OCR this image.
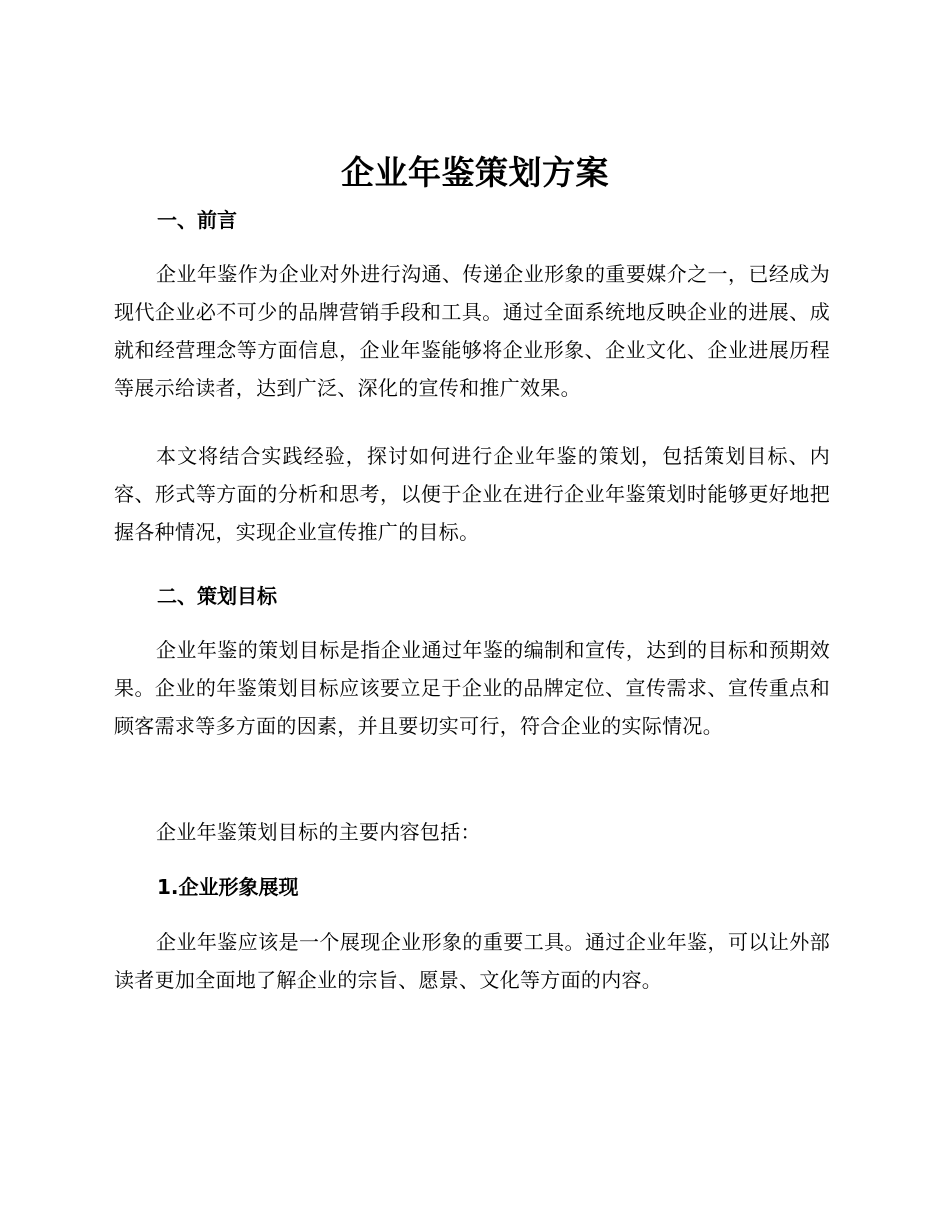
企业年鉴策划方案
一、前言

企业年鉴作为企业对外进行沟通、传递企业形象的重要媒介之一，已经成为现代企业必不可少的品牌营销手段和工具。通过全面系统地反映企业的进展、成就和经营理念等方面信息，企业年鉴能够将企业形象、企业文化、企业进展历程等展示给读者，达到广泛、深化的宣传和推广效果。

本文将结合实践经验，探讨如何进行企业年鉴的策划，包括策划目标、内容、形式等方面的分析和思考，以便于企业在进行企业年鉴策划时能够更好地把握各种情况，实现企业宣传推广的目标。

二、策划目标

企业年鉴的策划目标是指企业通过年鉴的编制和宣传，达到的目标和预期效果。企业的年鉴策划目标应该要立足于企业的品牌定位、宣传需求、宣传重点和顾客需求等多方面的因素，并且要切实可行，符合企业的实际情况。

企业年鉴策划目标的主要内容包括：

1.企业形象展现

企业年鉴应该是一个展现企业形象的重要工具。通过企业年鉴，可以让外部读者更加全面地了解企业的宗旨、愿景、文化等方面的内容。
